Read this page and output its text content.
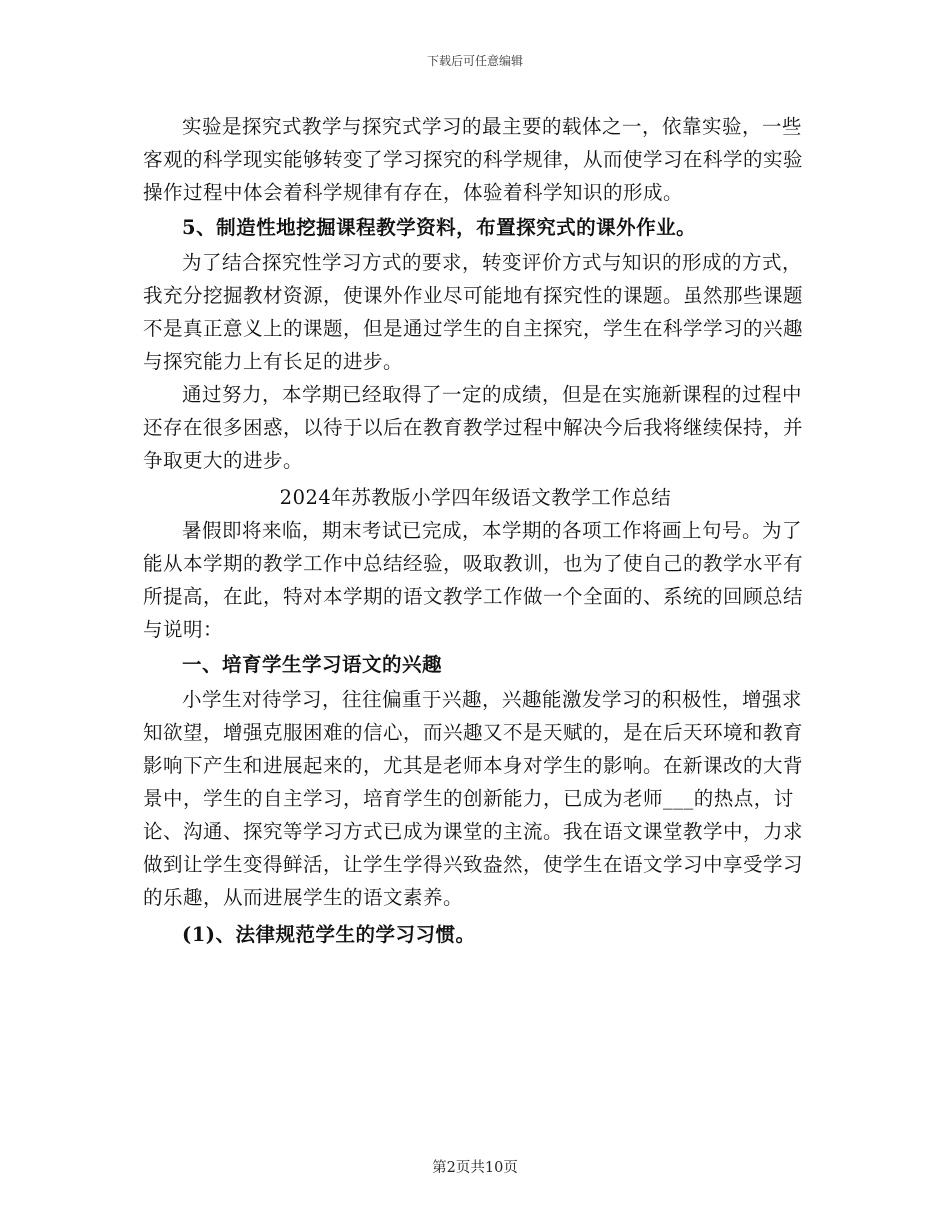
下载后可任意编辑

实验是探究式教学与探究式学习的最主要的载体之一，依靠实验，一些客观的科学现实能够转变了学习探究的科学规律，从而使学习在科学的实验操作过程中体会着科学规律有存在，体验着科学知识的形成。

5、制造性地挖掘课程教学资料，布置探究式的课外作业。

为了结合探究性学习方式的要求，转变评价方式与知识的形成的方式，我充分挖掘教材资源，使课外作业尽可能地有探究性的课题。虽然那些课题不是真正意义上的课题，但是通过学生的自主探究，学生在科学学习的兴趣与探究能力上有长足的进步。

通过努力，本学期已经取得了一定的成绩，但是在实施新课程的过程中还存在很多困惑，以待于以后在教育教学过程中解决今后我将继续保持，并争取更大的进步。

2024年苏教版小学四年级语文教学工作总结

暑假即将来临，期末考试已完成，本学期的各项工作将画上句号。为了能从本学期的教学工作中总结经验，吸取教训，也为了使自己的教学水平有所提高，在此，特对本学期的语文教学工作做一个全面的、系统的回顾总结与说明：

一、培育学生学习语文的兴趣

小学生对待学习，往往偏重于兴趣，兴趣能激发学习的积极性，增强求知欲望，增强克服困难的信心，而兴趣又不是天赋的，是在后天环境和教育影响下产生和进展起来的，尤其是老师本身对学生的影响。在新课改的大背景中，学生的自主学习，培育学生的创新能力，已成为老师___的热点，讨论、沟通、探究等学习方式已成为课堂的主流。我在语文课堂教学中，力求做到让学生变得鲜活，让学生学得兴致盎然，使学生在语文学习中享受学习的乐趣，从而进展学生的语文素养。

(1)、法律规范学生的学习习惯。

第2页共10页
